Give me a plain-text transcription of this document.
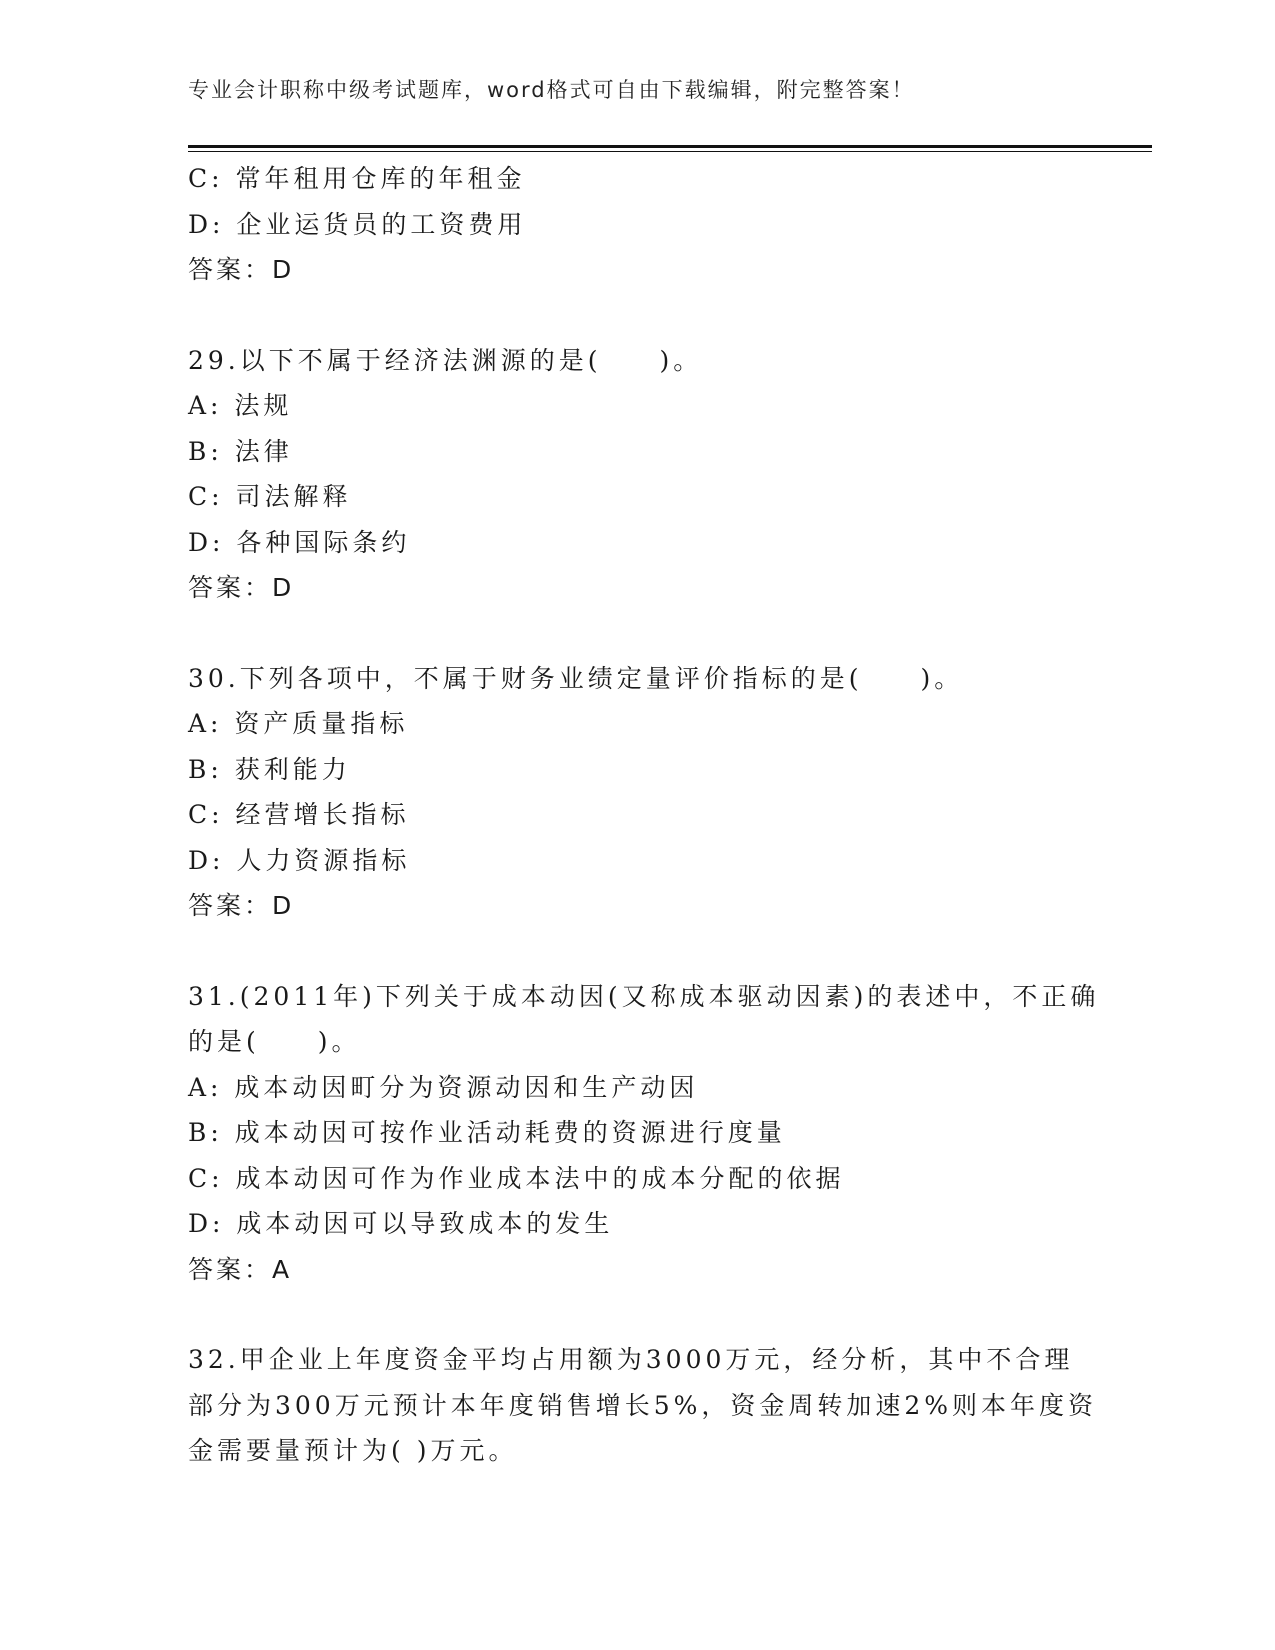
专业会计职称中级考试题库，word格式可自由下载编辑，附完整答案！
C: 常年租用仓库的年租金
D: 企业运货员的工资费用
答案：D
29.以下不属于经济法渊源的是(　　)。
A: 法规
B: 法律
C: 司法解释
D: 各种国际条约
答案：D
30.下列各项中，不属于财务业绩定量评价指标的是(　　)。
A: 资产质量指标
B: 获利能力
C: 经营增长指标
D: 人力资源指标
答案：D
31.(2011年)下列关于成本动因(又称成本驱动因素)的表述中，不正确
的是(　　)。
A: 成本动因町分为资源动因和生产动因
B: 成本动因可按作业活动耗费的资源进行度量
C: 成本动因可作为作业成本法中的成本分配的依据
D: 成本动因可以导致成本的发生
答案：A
32.甲企业上年度资金平均占用额为3000万元，经分析，其中不合理
部分为300万元预计本年度销售增长5%，资金周转加速2%则本年度资
金需要量预计为( )万元。
